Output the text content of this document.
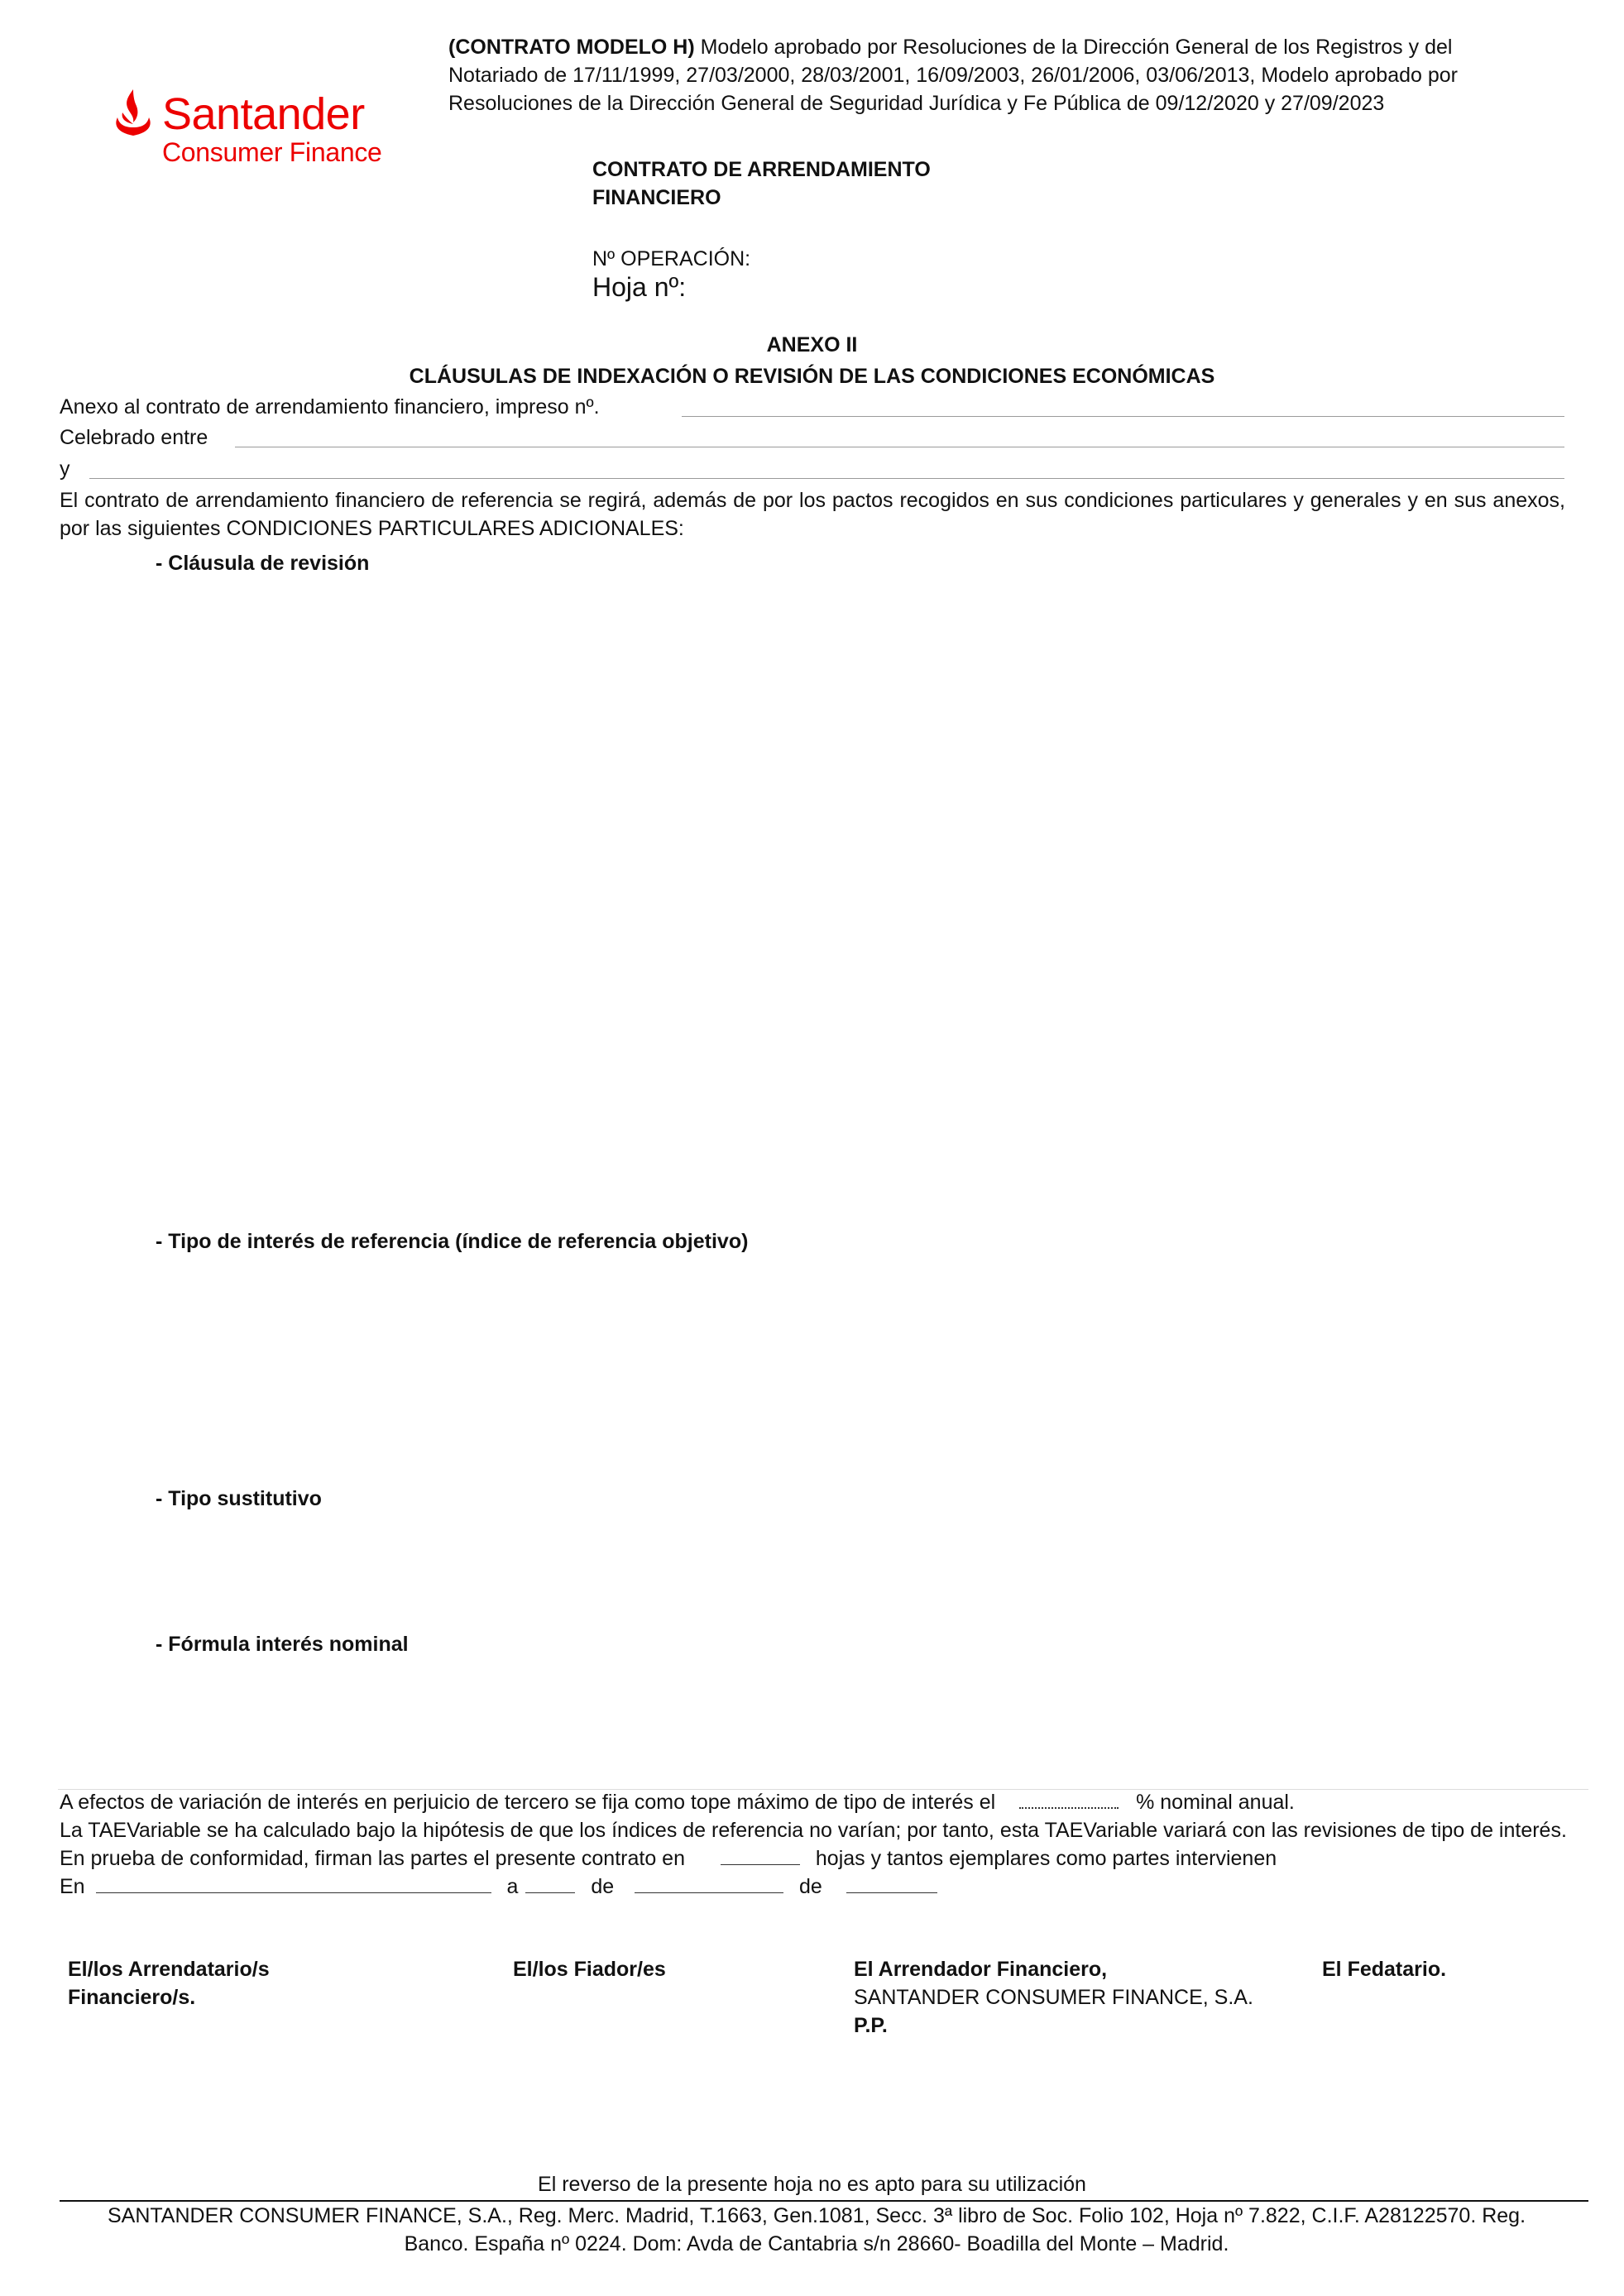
Santander
Consumer Finance
(CONTRATO MODELO H) Modelo aprobado por Resoluciones de la Dirección General de los Registros y del
Notariado de 17/11/1999, 27/03/2000, 28/03/2001, 16/09/2003, 26/01/2006, 03/06/2013, Modelo aprobado por
Resoluciones de la Dirección General de Seguridad Jurídica y Fe Pública de 09/12/2020 y 27/09/2023
CONTRATO DE ARRENDAMIENTO
FINANCIERO
Nº OPERACIÓN:
Hoja nº:
ANEXO II
CLÁUSULAS DE INDEXACIÓN O REVISIÓN DE LAS CONDICIONES ECONÓMICAS
Anexo al contrato de arrendamiento financiero, impreso nº.
Celebrado entre
y
El contrato de arrendamiento financiero de referencia se regirá, además de por los pactos recogidos en sus condiciones particulares y generales y en sus anexos, por las siguientes CONDICIONES PARTICULARES ADICIONALES:
- Cláusula de revisión
- Tipo de interés de referencia (índice de referencia objetivo)
- Tipo sustitutivo
- Fórmula interés nominal
A efectos de variación de interés en perjuicio de tercero se fija como tope máximo de tipo de interés el	% nominal anual.
La TAEVariable se ha calculado bajo la hipótesis de que los índices de referencia no varían; por tanto, esta TAEVariable variará con las revisiones de tipo de interés.
En prueba de conformidad, firman las partes el presente contrato en	hojas y tantos ejemplares como partes intervienen
En	a	de	de
El/los Arrendatario/s
Financiero/s.
El/los Fiador/es	El Arrendador Financiero,
SANTANDER CONSUMER FINANCE, S.A.
P.P.
El Fedatario.
El reverso de la presente hoja no es apto para su utilización
SANTANDER CONSUMER FINANCE, S.A., Reg. Merc. Madrid, T.1663, Gen.1081, Secc. 3ª libro de Soc. Folio 102, Hoja nº 7.822, C.I.F. A28122570. Reg.
Banco. España nº 0224. Dom: Avda de Cantabria s/n 28660- Boadilla del Monte – Madrid.
